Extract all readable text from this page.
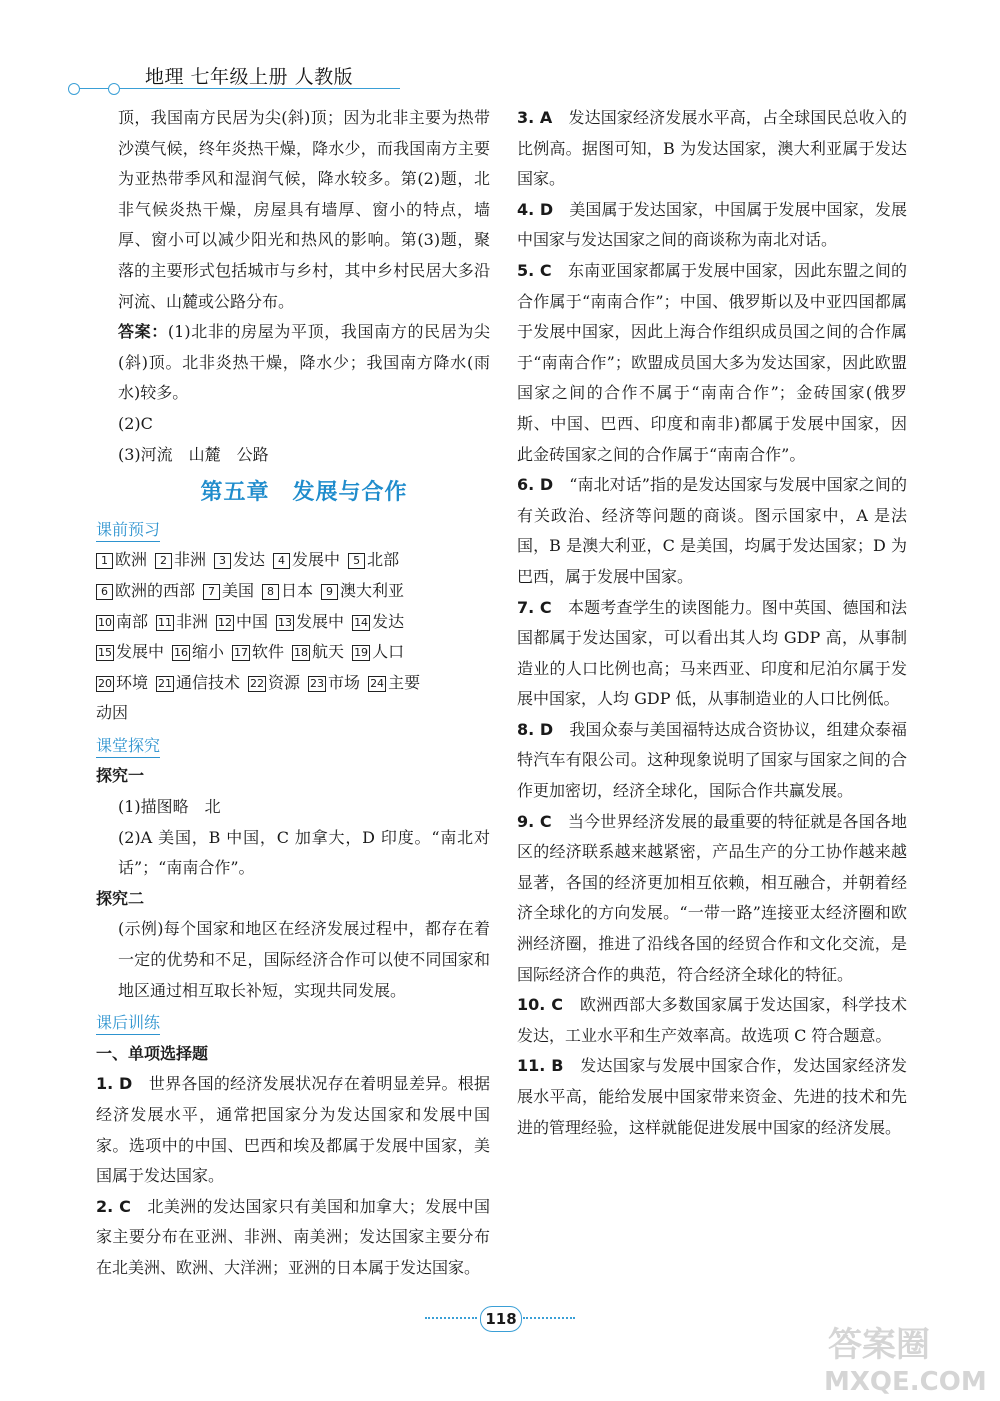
地理 七年级上册 人教版

顶，我国南方民居为尖(斜)顶；因为北非主要为热带沙漠气候，终年炎热干燥，降水少，而我国南方主要为亚热带季风和湿润气候，降水较多。第(2)题，北非气候炎热干燥，房屋具有墙厚、窗小的特点，墙厚、窗小可以减少阳光和热风的影响。第(3)题，聚落的主要形式包括城市与乡村，其中乡村民居大多沿河流、山麓或公路分布。

答案：(1)北非的房屋为平顶，我国南方的民居为尖(斜)顶。北非炎热干燥，降水少；我国南方降水(雨水)较多。

(2)C

(3)河流　山麓　公路

第五章　发展与合作
课前预习
1 欧洲	2 非洲	3 发达	4 发展中	5 北部
6 欧洲的西部	7 美国	8 日本	9 澳大利亚
10 南部 11 非洲 12 中国 13 发展中 14 发达
15 发展中 16 缩小 17 软件 18 航天 19 人口
20 环境 21 通信技术 22 资源 23 市场 24 主要
动因
课堂探究
探究一

(1)描图略　北

(2)A 美国，B 中国，C 加拿大，D 印度。“南北对话”；“南南合作”。

探究二

(示例)每个国家和地区在经济发展过程中，都存在着一定的优势和不足，国际经济合作可以使不同国家和地区通过相互取长补短，实现共同发展。

课后训练
一、单项选择题

1. D　 世界各国的经济发展状况存在着明显差异。根据经济发展水平，通常把国家分为发达国家和发展中国家。选项中的中国、巴西和埃及都属于发展中国家，美国属于发达国家。

2. C　 北美洲的发达国家只有美国和加拿大；发展中国家主要分布在亚洲、非洲、南美洲；发达国家主要分布在北美洲、欧洲、大洋洲；亚洲的日本属于发达国家。

3. A　 发达国家经济发展水平高，占全球国民总收入的比例高。据图可知，B 为发达国家，澳大利亚属于发达国家。

4. D　 美国属于发达国家，中国属于发展中国家，发展中国家与发达国家之间的商谈称为南北对话。

5. C　 东南亚国家都属于发展中国家，因此东盟之间的合作属于“南南合作”；中国、俄罗斯以及中亚四国都属于发展中国家，因此上海合作组织成员国之间的合作属于“南南合作”；欧盟成员国大多为发达国家，因此欧盟国家之间的合作不属于“南南合作”；金砖国家(俄罗斯、中国、巴西、印度和南非)都属于发展中国家，因此金砖国家之间的合作属于“南南合作”。

6. D　 “南北对话”指的是发达国家与发展中国家之间的有关政治、经济等问题的商谈。图示国家中，A 是法国，B 是澳大利亚，C 是美国，均属于发达国家；D 为巴西，属于发展中国家。

7. C　 本题考查学生的读图能力。图中英国、德国和法国都属于发达国家，可以看出其人均 GDP 高，从事制造业的人口比例也高；马来西亚、印度和尼泊尔属于发展中国家，人均 GDP 低，从事制造业的人口比例低。

8. D　 我国众泰与美国福特达成合资协议，组建众泰福特汽车有限公司。这种现象说明了国家与国家之间的合作更加密切，经济全球化，国际合作共赢发展。

9. C　 当今世界经济发展的最重要的特征就是各国各地区的经济联系越来越紧密，产品生产的分工协作越来越显著，各国的经济更加相互依赖，相互融合，并朝着经济全球化的方向发展。“一带一路”连接亚太经济圈和欧洲经济圈，推进了沿线各国的经贸合作和文化交流，是国际经济合作的典范，符合经济全球化的特征。

10. C　 欧洲西部大多数国家属于发达国家，科学技术发达，工业水平和生产效率高。故选项 C 符合题意。

11. B　 发达国家与发展中国家合作，发达国家经济发展水平高，能给发展中国家带来资金、先进的技术和先进的管理经验，这样就能促进发展中国家的经济发展。

118
答案圈
MXQE.COM
